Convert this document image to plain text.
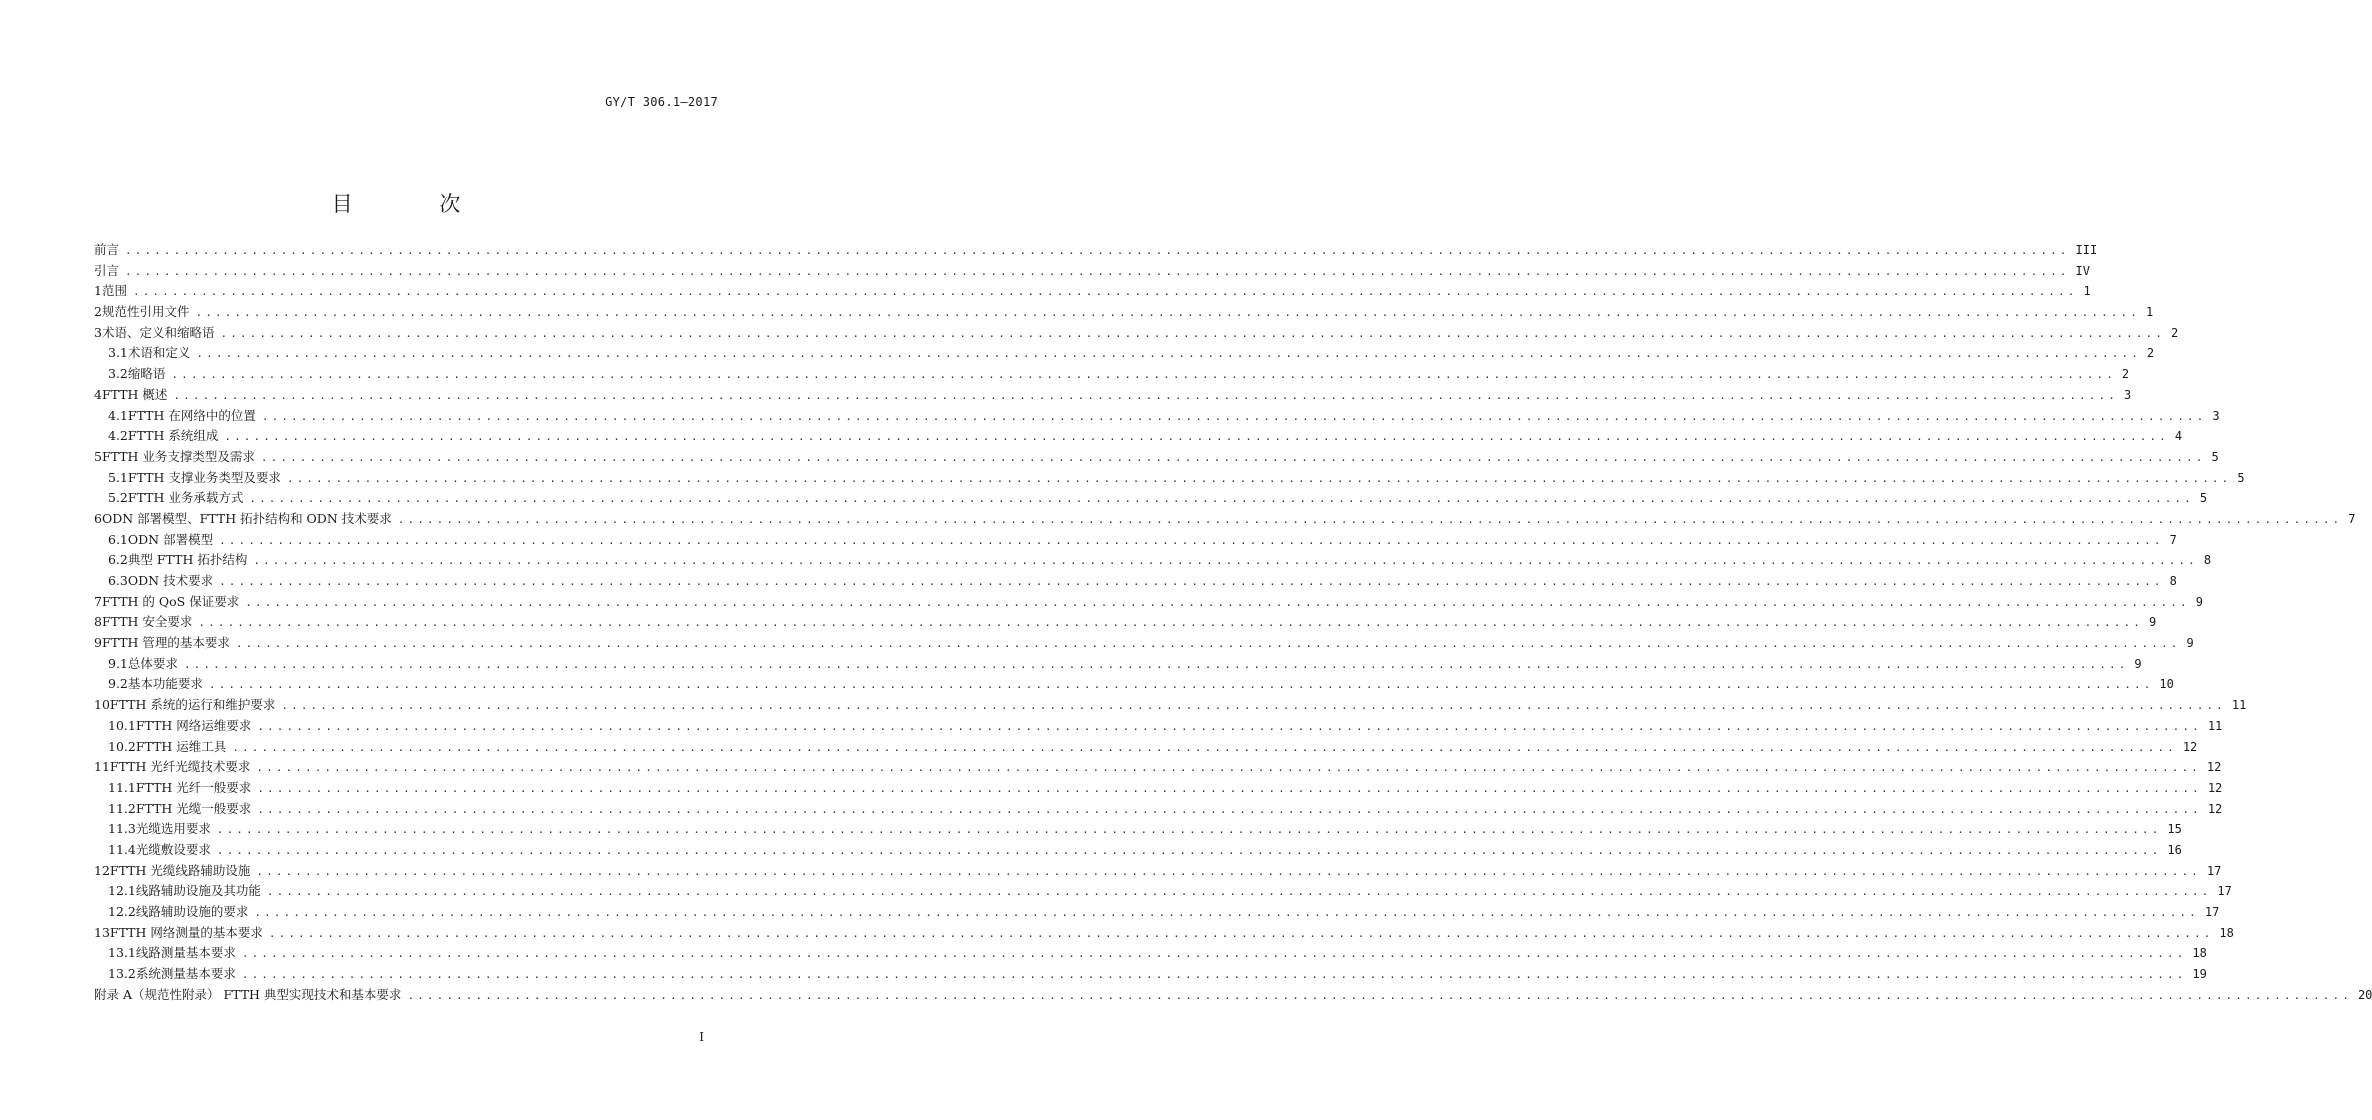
GY/T 306.1—2017
目 次
前言 ........................................................................................................................................................................................................ III
引言 ........................................................................................................................................................................................................ IV
1 范围 ........................................................................................................................................................................................................ 1
2 规范性引用文件 ........................................................................................................................................................................................................ 1
3 术语、定义和缩略语 ........................................................................................................................................................................................................ 2
3.1 术语和定义 ........................................................................................................................................................................................................ 2
3.2 缩略语 ........................................................................................................................................................................................................ 2
4 FTTH 概述 ........................................................................................................................................................................................................ 3
4.1 FTTH 在网络中的位置 ........................................................................................................................................................................................................ 3
4.2 FTTH 系统组成 ........................................................................................................................................................................................................ 4
5 FTTH 业务支撑类型及需求 ........................................................................................................................................................................................................ 5
5.1 FTTH 支撑业务类型及要求 ........................................................................................................................................................................................................ 5
5.2 FTTH 业务承载方式 ........................................................................................................................................................................................................ 5
6 ODN 部署模型、FTTH 拓扑结构和 ODN 技术要求 ........................................................................................................................................................................................................ 7
6.1 ODN 部署模型 ........................................................................................................................................................................................................ 7
6.2 典型 FTTH 拓扑结构 ........................................................................................................................................................................................................ 8
6.3 ODN 技术要求 ........................................................................................................................................................................................................ 8
7 FTTH 的 QoS 保证要求 ........................................................................................................................................................................................................ 9
8 FTTH 安全要求 ........................................................................................................................................................................................................ 9
9 FTTH 管理的基本要求 ........................................................................................................................................................................................................ 9
9.1 总体要求 ........................................................................................................................................................................................................ 9
9.2 基本功能要求 ........................................................................................................................................................................................................ 10
10 FTTH 系统的运行和维护要求 ........................................................................................................................................................................................................ 11
10.1 FTTH 网络运维要求 ........................................................................................................................................................................................................ 11
10.2 FTTH 运维工具 ........................................................................................................................................................................................................ 12
11 FTTH 光纤光缆技术要求 ........................................................................................................................................................................................................ 12
11.1 FTTH 光纤一般要求 ........................................................................................................................................................................................................ 12
11.2 FTTH 光缆一般要求 ........................................................................................................................................................................................................ 12
11.3 光缆选用要求 ........................................................................................................................................................................................................ 15
11.4 光缆敷设要求 ........................................................................................................................................................................................................ 16
12 FTTH 光缆线路辅助设施 ........................................................................................................................................................................................................ 17
12.1 线路辅助设施及其功能 ........................................................................................................................................................................................................ 17
12.2 线路辅助设施的要求 ........................................................................................................................................................................................................ 17
13 FTTH 网络测量的基本要求 ........................................................................................................................................................................................................ 18
13.1 线路测量基本要求 ........................................................................................................................................................................................................ 18
13.2 系统测量基本要求 ........................................................................................................................................................................................................ 19
附录 A（规范性附录） FTTH 典型实现技术和基本要求 ........................................................................................................................................................................................................ 20
I
